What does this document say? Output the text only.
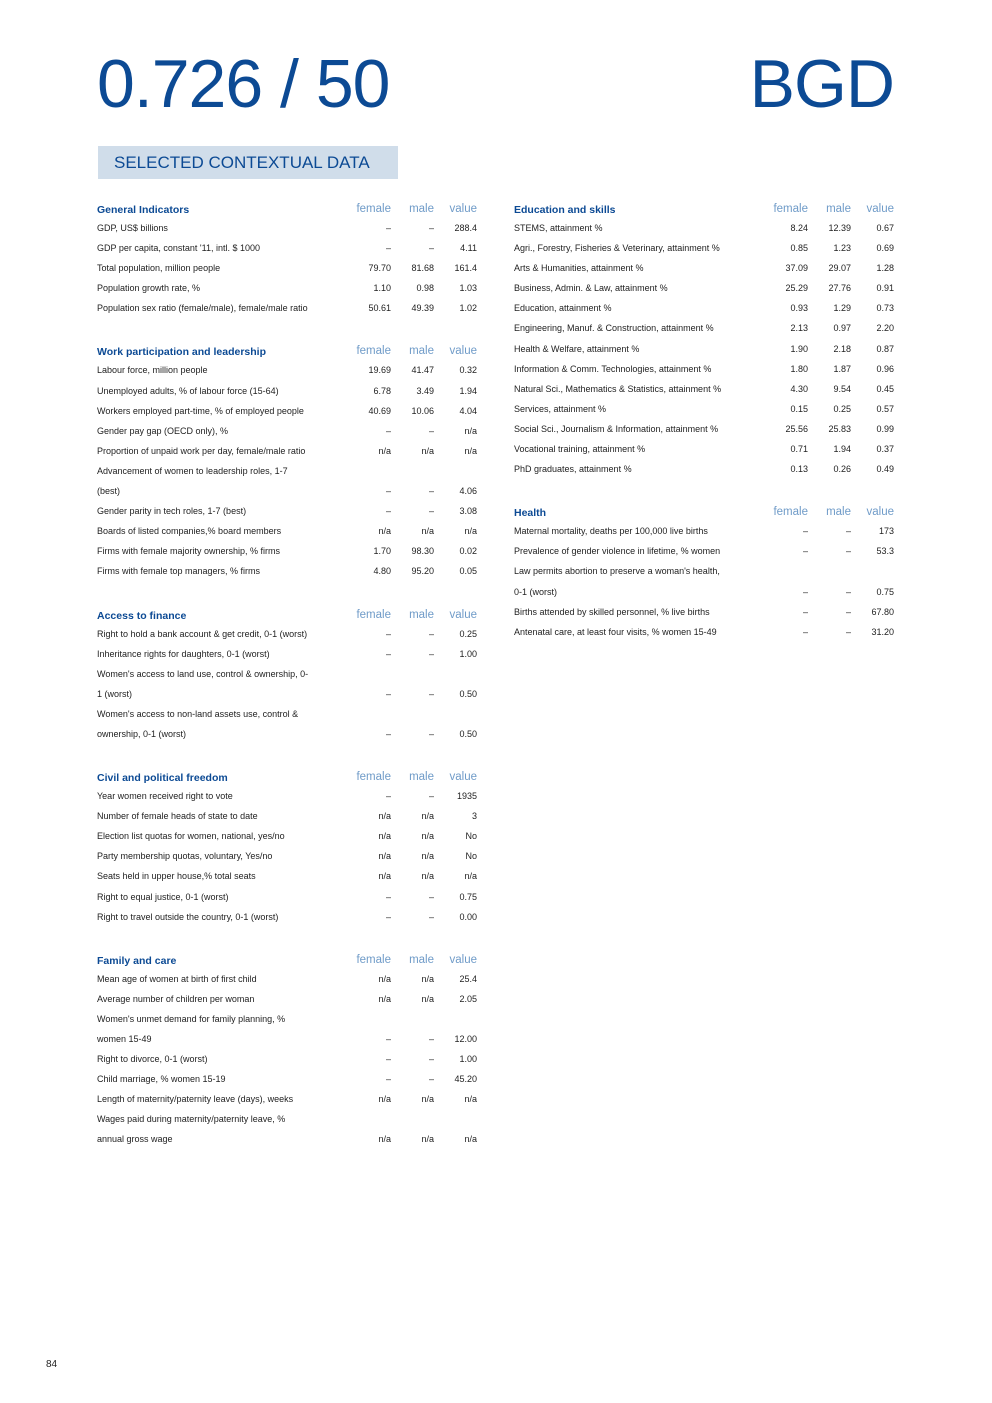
0.726 / 50	BGD
SELECTED CONTEXTUAL DATA
General Indicators	female	male	value
GDP, US$ billions	–	–	288.4
GDP per capita, constant '11, intl. $ 1000	–	–	4.11
Total population, million people	79.70	81.68	161.4
Population growth rate, %	1.10	0.98	1.03
Population sex ratio (female/male), female/male ratio	50.61	49.39	1.02
Work participation and leadership	female	male	value
Labour force, million people	19.69	41.47	0.32
Unemployed adults, % of labour force (15-64)	6.78	3.49	1.94
Workers employed part-time, % of employed people	40.69	10.06	4.04
Gender pay gap (OECD only), %	–	–	n/a
Proportion of unpaid work per day, female/male ratio	n/a	n/a	n/a
Advancement of women to leadership roles, 1-7
(best)	–	–	4.06
Gender parity in tech roles, 1-7 (best)	–	–	3.08
Boards of listed companies,% board members	n/a	n/a	n/a
Firms with female majority ownership, % firms	1.70	98.30	0.02
Firms with female top managers, % firms	4.80	95.20	0.05
Access to finance	female	male	value
Right to hold a bank account & get credit, 0-1 (worst)	–	–	0.25
Inheritance rights for daughters, 0-1 (worst)	–	–	1.00
Women's access to land use, control & ownership, 0-
1 (worst)	–	–	0.50
Women's access to non-land assets use, control &
ownership, 0-1 (worst)	–	–	0.50
Civil and political freedom	female	male	value
Year women received right to vote	–	–	1935
Number of female heads of state to date	n/a	n/a	3
Election list quotas for women, national, yes/no	n/a	n/a	No
Party membership quotas, voluntary, Yes/no	n/a	n/a	No
Seats held in upper house,% total seats	n/a	n/a	n/a
Right to equal justice, 0-1 (worst)	–	–	0.75
Right to travel outside the country, 0-1 (worst)	–	–	0.00
Family and care	female	male	value
Mean age of women at birth of first child	n/a	n/a	25.4
Average number of children per woman	n/a	n/a	2.05
Women's unmet demand for family planning, %
women 15-49	–	–	12.00
Right to divorce, 0-1 (worst)	–	–	1.00
Child marriage, % women 15-19	–	–	45.20
Length of maternity/paternity leave (days), weeks	n/a	n/a	n/a
Wages paid during maternity/paternity leave, %
annual gross wage	n/a	n/a	n/a
Education and skills	female	male	value
STEMS, attainment %	8.24	12.39	0.67
Agri., Forestry, Fisheries & Veterinary, attainment %	0.85	1.23	0.69
Arts & Humanities, attainment %	37.09	29.07	1.28
Business, Admin. & Law, attainment %	25.29	27.76	0.91
Education, attainment %	0.93	1.29	0.73
Engineering, Manuf. & Construction, attainment %	2.13	0.97	2.20
Health & Welfare, attainment %	1.90	2.18	0.87
Information & Comm. Technologies, attainment %	1.80	1.87	0.96
Natural Sci., Mathematics & Statistics, attainment %	4.30	9.54	0.45
Services, attainment %	0.15	0.25	0.57
Social Sci., Journalism & Information, attainment %	25.56	25.83	0.99
Vocational training, attainment %	0.71	1.94	0.37
PhD graduates, attainment %	0.13	0.26	0.49
Health	female	male	value
Maternal mortality, deaths per 100,000 live births	–	–	173
Prevalence of gender violence in lifetime, % women	–	–	53.3
Law permits abortion to preserve a woman's health,
0-1 (worst)	–	–	0.75
Births attended by skilled personnel, % live births	–	–	67.80
Antenatal care, at least four visits, % women 15-49	–	–	31.20
84
